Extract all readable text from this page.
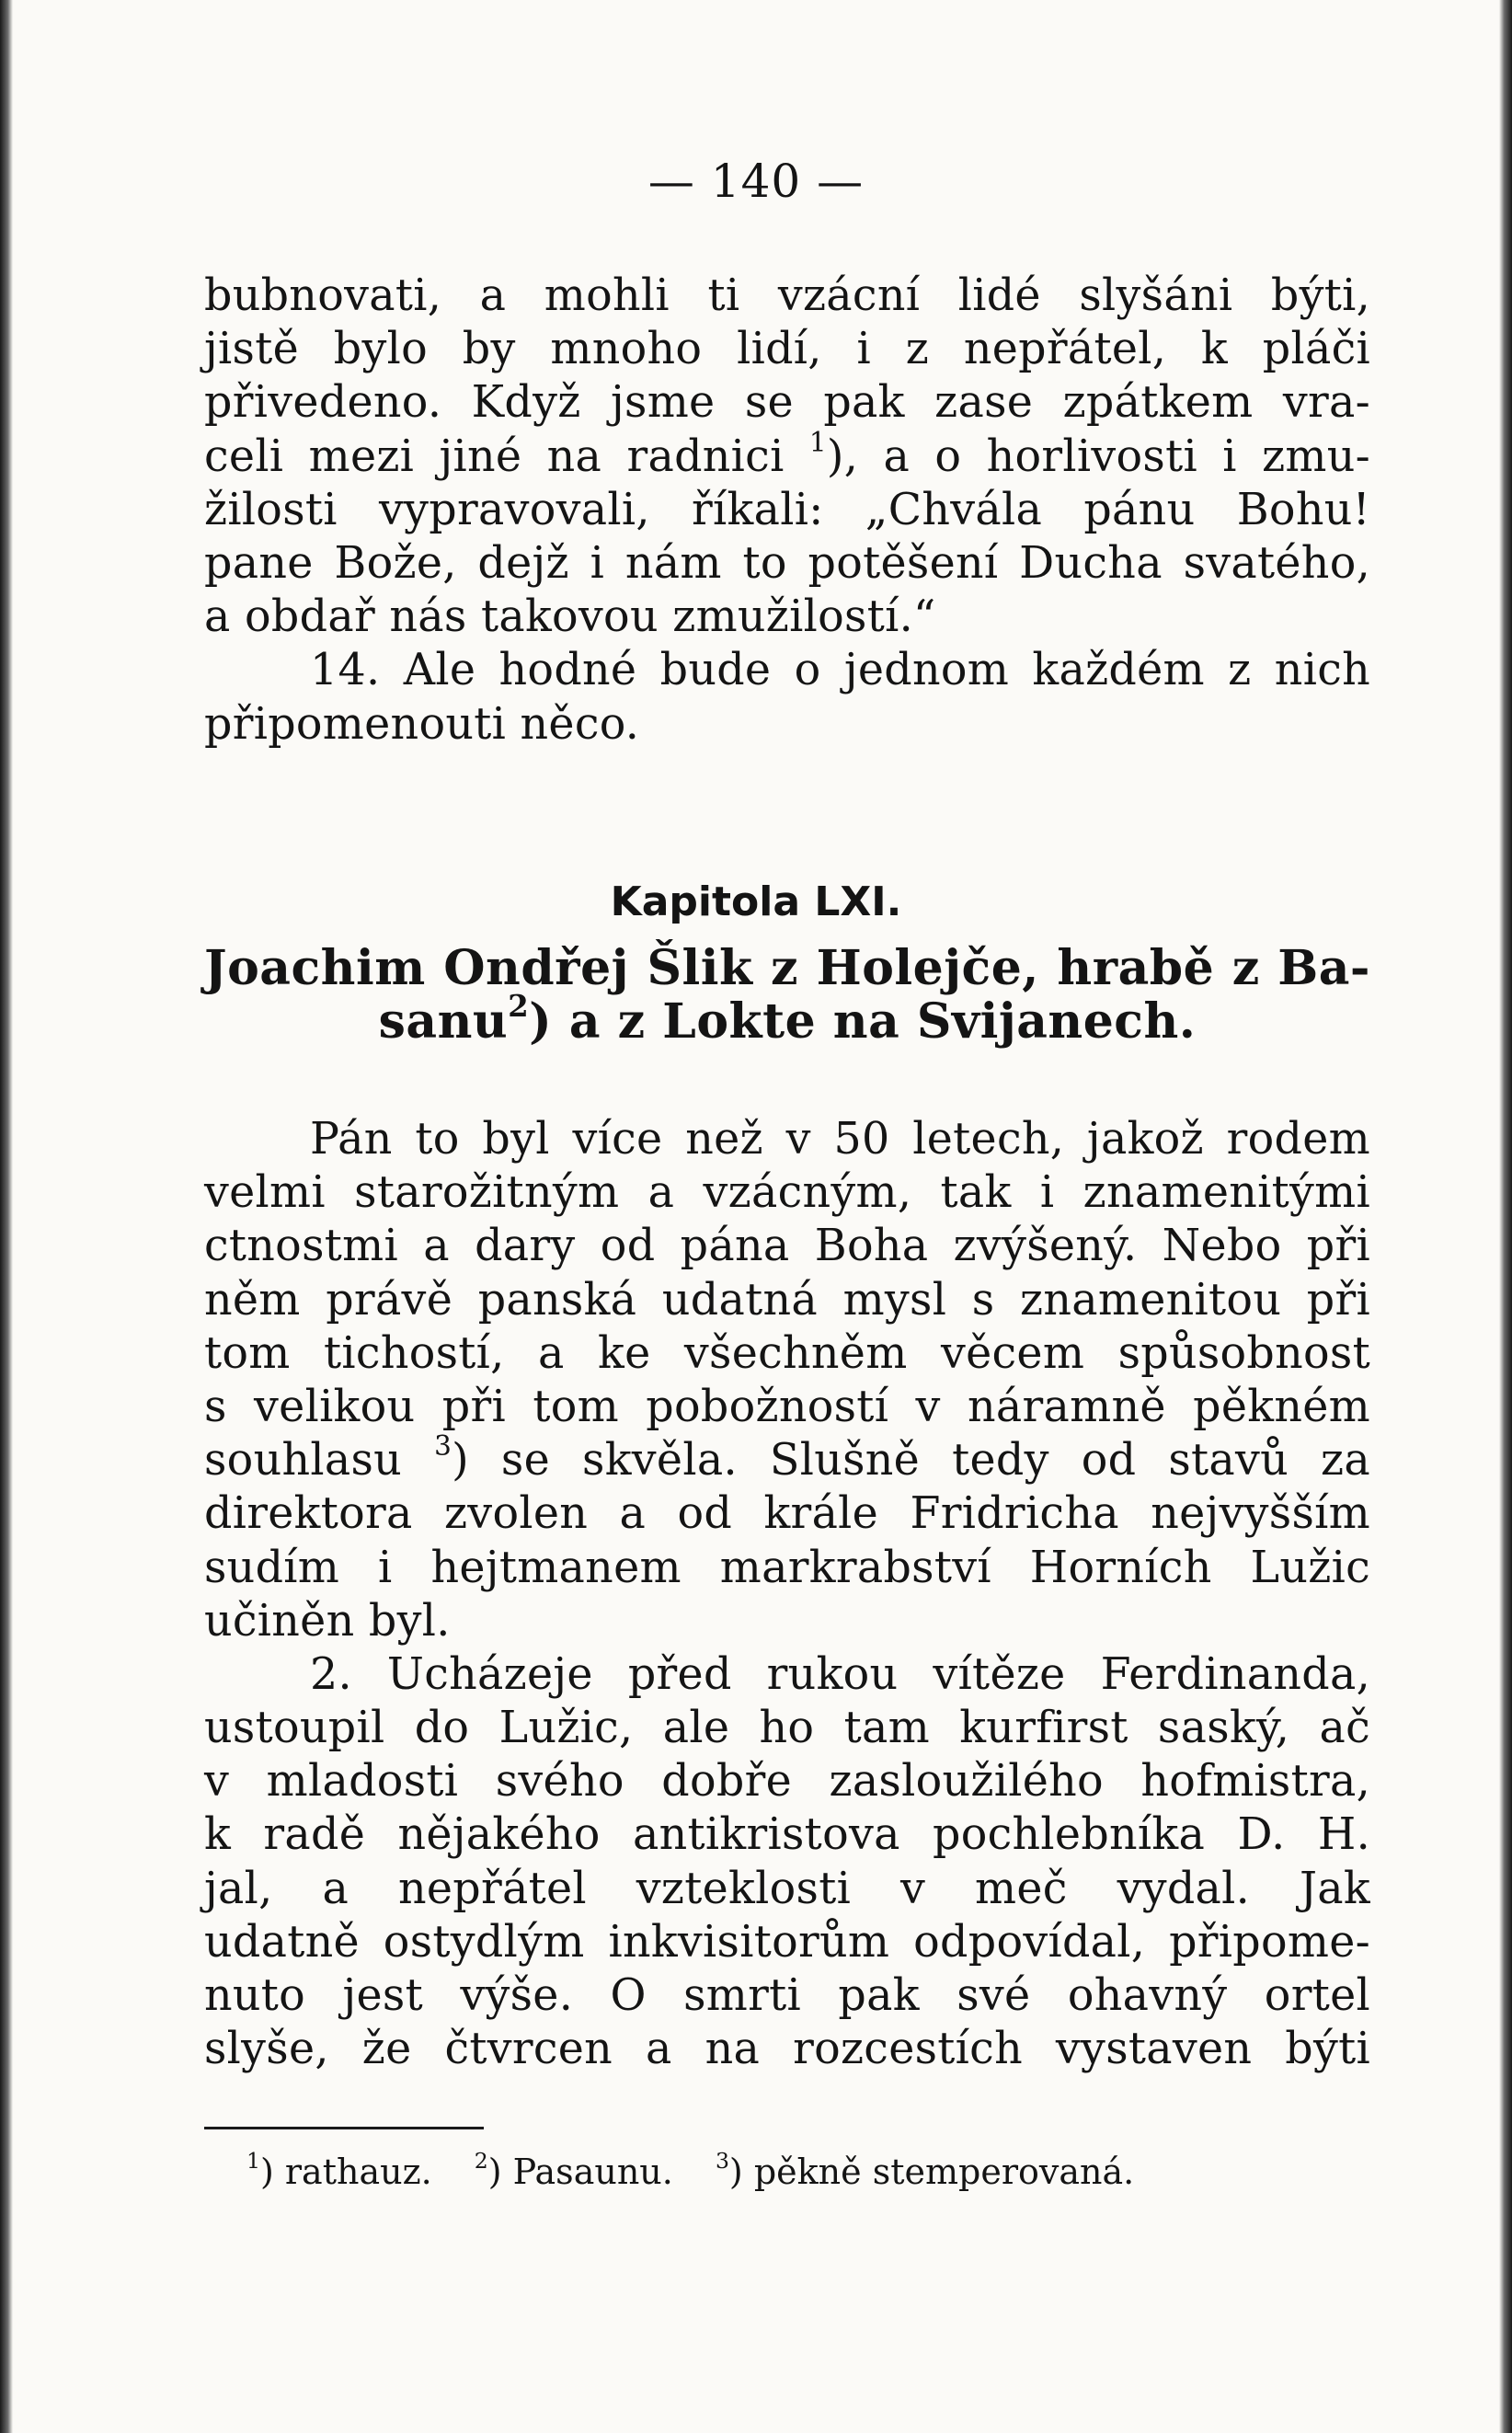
— 140 —
bubnovati, a mohli ti vzácní lidé slyšáni býti,
jistě bylo by mnoho lidí, i z nepřátel, k pláči
přivedeno. Když jsme se pak zase zpátkem vra-
celi mezi jiné na radnici $^1$), a o horlivosti i zmu-
žilosti vypravovali, říkali: „Chvála pánu Bohu!
pane Bože, dejž i nám to potěšení Ducha svatého,
a obdař nás takovou zmužilostí.“
14. Ale hodné bude o jednom každém z nich
připomenouti něco.
Kapitola LXI.
Joachim Ondřej Šlik z Holejče, hrabě z Ba-
sanu$^2$) a z Lokte na Svijanech.
Pán to byl více než v 50 letech, jakož rodem
velmi starožitným a vzácným, tak i znamenitými
ctnostmi a dary od pána Boha zvýšený. Nebo při
něm právě panská udatná mysl s znamenitou při
tom tichostí, a ke všechněm věcem spůsobnost
s velikou při tom pobožností v náramně pěkném
souhlasu $^3$) se skvěla. Slušně tedy od stavů za
direktora zvolen a od krále Fridricha nejvyšším
sudím i hejtmanem markrabství Horních Lužic
učiněn byl.
2. Ucházeje před rukou vítěze Ferdinanda,
ustoupil do Lužic, ale ho tam kurfirst saský, ač
v mladosti svého dobře zasloužilého hofmistra,
k radě nějakého antikristova pochlebníka D. H.
jal, a nepřátel vzteklosti v meč vydal. Jak
udatně ostydlým inkvisitorům odpovídal, připome-
nuto jest výše. O smrti pak své ohavný ortel
slyše, že čtvrcen a na rozcestích vystaven býti
$^1$) rathauz. $^2$) Pasaunu. $^3$) pěkně stemperovaná.
